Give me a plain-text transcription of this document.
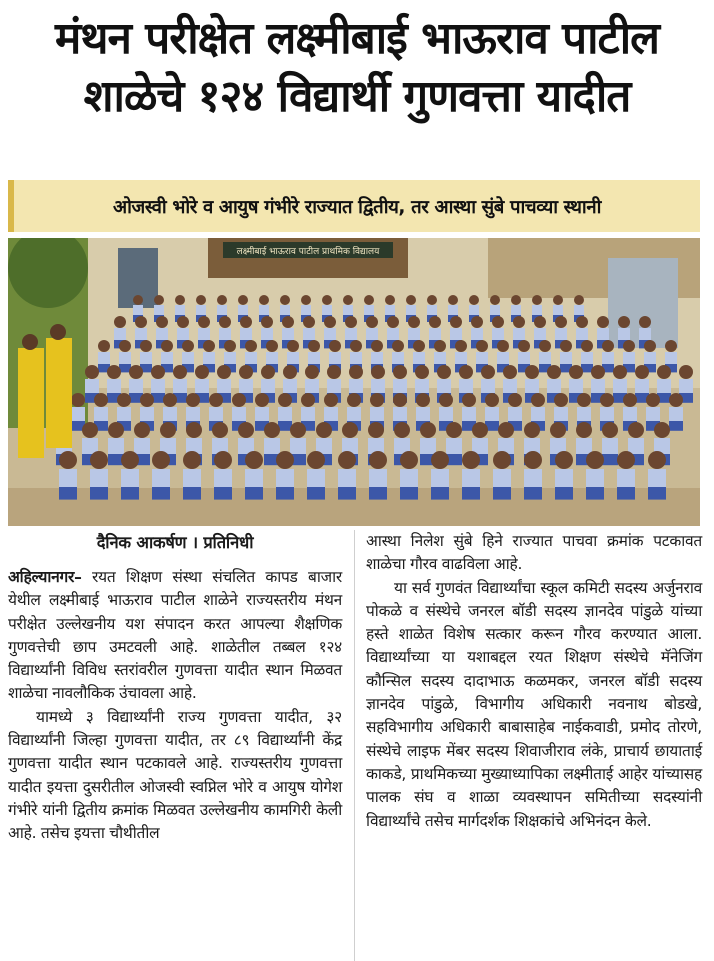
मंथन परीक्षेत लक्ष्मीबाई भाऊराव पाटील
शाळेचे १२४ विद्यार्थी गुणवत्ता यादीत
ओजस्वी भोरे व आयुष गंभीरे राज्यात द्वितीय, तर आस्था सुंबे पाचव्या स्थानी
लक्ष्मीबाई भाऊराव पाटील प्राथमिक विद्यालय
दैनिक आकर्षण । प्रतिनिधी

अहिल्यानगर– रयत शिक्षण संस्था संचलित कापड बाजार येथील लक्ष्मीबाई भाऊराव पाटील शाळेने राज्यस्तरीय मंथन परीक्षेत उल्लेखनीय यश संपादन करत आपल्या शैक्षणिक गुणवत्तेची छाप उमटवली आहे. शाळेतील तब्बल १२४ विद्यार्थ्यांनी विविध स्तरांवरील गुणवत्ता यादीत स्थान मिळवत शाळेचा नावलौकिक उंचावला आहे.

यामध्ये ३ विद्यार्थ्यांनी राज्य गुणवत्ता यादीत, ३२ विद्यार्थ्यांनी जिल्हा गुणवत्ता यादीत, तर ८९ विद्यार्थ्यांनी केंद्र गुणवत्ता यादीत स्थान पटकावले आहे. राज्यस्तरीय गुणवत्ता यादीत इयत्ता दुसरीतील ओजस्वी स्वप्निल भोरे व आयुष योगेश गंभीरे यांनी द्वितीय क्रमांक मिळवत उल्लेखनीय कामगिरी केली आहे. तसेच इयत्ता चौथीतील

आस्था निलेश सुंबे हिने राज्यात पाचवा क्रमांक पटकावत शाळेचा गौरव वाढविला आहे.

या सर्व गुणवंत विद्यार्थ्यांचा स्कूल कमिटी सदस्य अर्जुनराव पोकळे व संस्थेचे जनरल बॉडी सदस्य ज्ञानदेव पांडुळे यांच्या हस्ते शाळेत विशेष सत्कार करून गौरव करण्यात आला. विद्यार्थ्यांच्या या यशाबद्दल रयत शिक्षण संस्थेचे मॅनेजिंग कौन्सिल सदस्य दादाभाऊ कळमकर, जनरल बॉडी सदस्य ज्ञानदेव पांडुळे, विभागीय अधिकारी नवनाथ बोडखे, सहविभागीय अधिकारी बाबासाहेब नाईकवाडी, प्रमोद तोरणे, संस्थेचे लाइफ मेंबर सदस्य शिवाजीराव लंके, प्राचार्य छायाताई काकडे, प्राथमिकच्या मुख्याध्यापिका लक्ष्मीताई आहेर यांच्यासह पालक संघ व शाळा व्यवस्थापन समितीच्या सदस्यांनी विद्यार्थ्यांचे तसेच मार्गदर्शक शिक्षकांचे अभिनंदन केले.
